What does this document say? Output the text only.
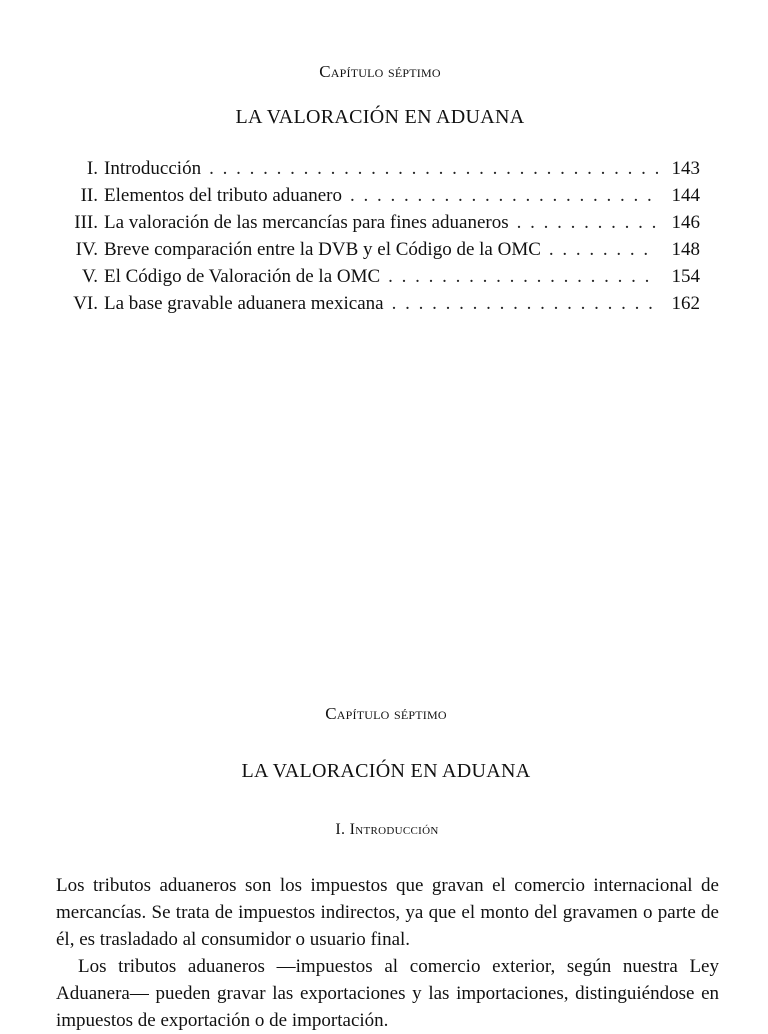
Capítulo séptimo
LA VALORACIÓN EN ADUANA
I. Introducción . . .	143
II. Elementos del tributo aduanero . . .	144
III. La valoración de las mercancías para fines aduaneros . . .	146
IV. Breve comparación entre la DVB y el Código de la OMC . . .	148
V. El Código de Valoración de la OMC . . .	154
VI. La base gravable aduanera mexicana . . .	162
Capítulo séptimo
LA VALORACIÓN EN ADUANA
I. Introducción

Los tributos aduaneros son los impuestos que gravan el comercio internacional de mercancías. Se trata de impuestos indirectos, ya que el monto del gravamen o parte de él, es trasladado al consumidor o usuario final.

Los tributos aduaneros —impuestos al comercio exterior, según nuestra Ley Aduanera— pueden gravar las exportaciones y las importaciones, distinguiéndose en impuestos de exportación o de importación.
